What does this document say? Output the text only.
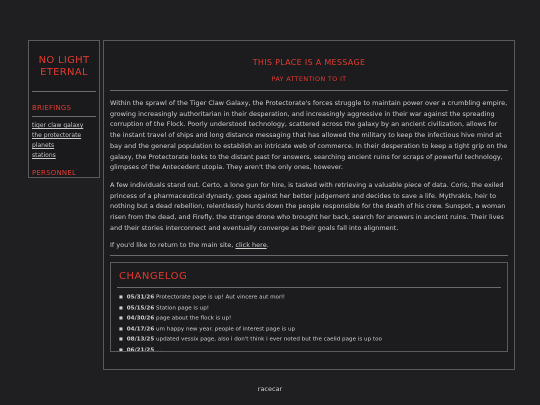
NO LIGHT
ETERNAL
BRIEFINGS
tiger claw galaxy
the protectorate
planets
stations
PERSONNEL
THIS PLACE IS A MESSAGE
PAY ATTENTION TO IT

Within the sprawl of the Tiger Claw Galaxy, the Protectorate's forces struggle to maintain power over a crumbling empire, growing increasingly authoritarian in their desperation, and increasingly aggressive in their war against the spreading corruption of the Flock. Poorly understood technology, scattered across the galaxy by an ancient civilization, allows for the instant travel of ships and long distance messaging that has allowed the military to keep the infectious hive mind at bay and the general population to establish an intricate web of commerce. In their desperation to keep a tight grip on the galaxy, the Protectorate looks to the distant past for answers, searching ancient ruins for scraps of powerful technology, glimpses of the Antecedent utopia. They aren't the only ones, however.

A few individuals stand out. Certo, a lone gun for hire, is tasked with retrieving a valuable piece of data. Coris, the exiled princess of a pharmaceutical dynasty, goes against her better judgement and decides to save a life. Mythrakis, heir to nothing but a dead rebellion, relentlessly hunts down the people responsible for the death of his crew. Sunspot, a woman risen from the dead, and Firefly, the strange drone who brought her back, search for answers in ancient ruins. Their lives and their stories interconnect and eventually converge as their goals fall into alignment.

If you'd like to return to the main site, click here.

CHANGELOG
■ 05/31/26 Protectorate page is up! Aut vincere aut mori!
■ 05/15/26 Station page is up!
■ 04/30/26 page about the flock is up!
■ 04/17/26 um happy new year. people of interest page is up
■ 08/13/25 updated vessix page, also i don't think i ever noted but the caelid page is up too
■ 06/21/25 ...
racecar
